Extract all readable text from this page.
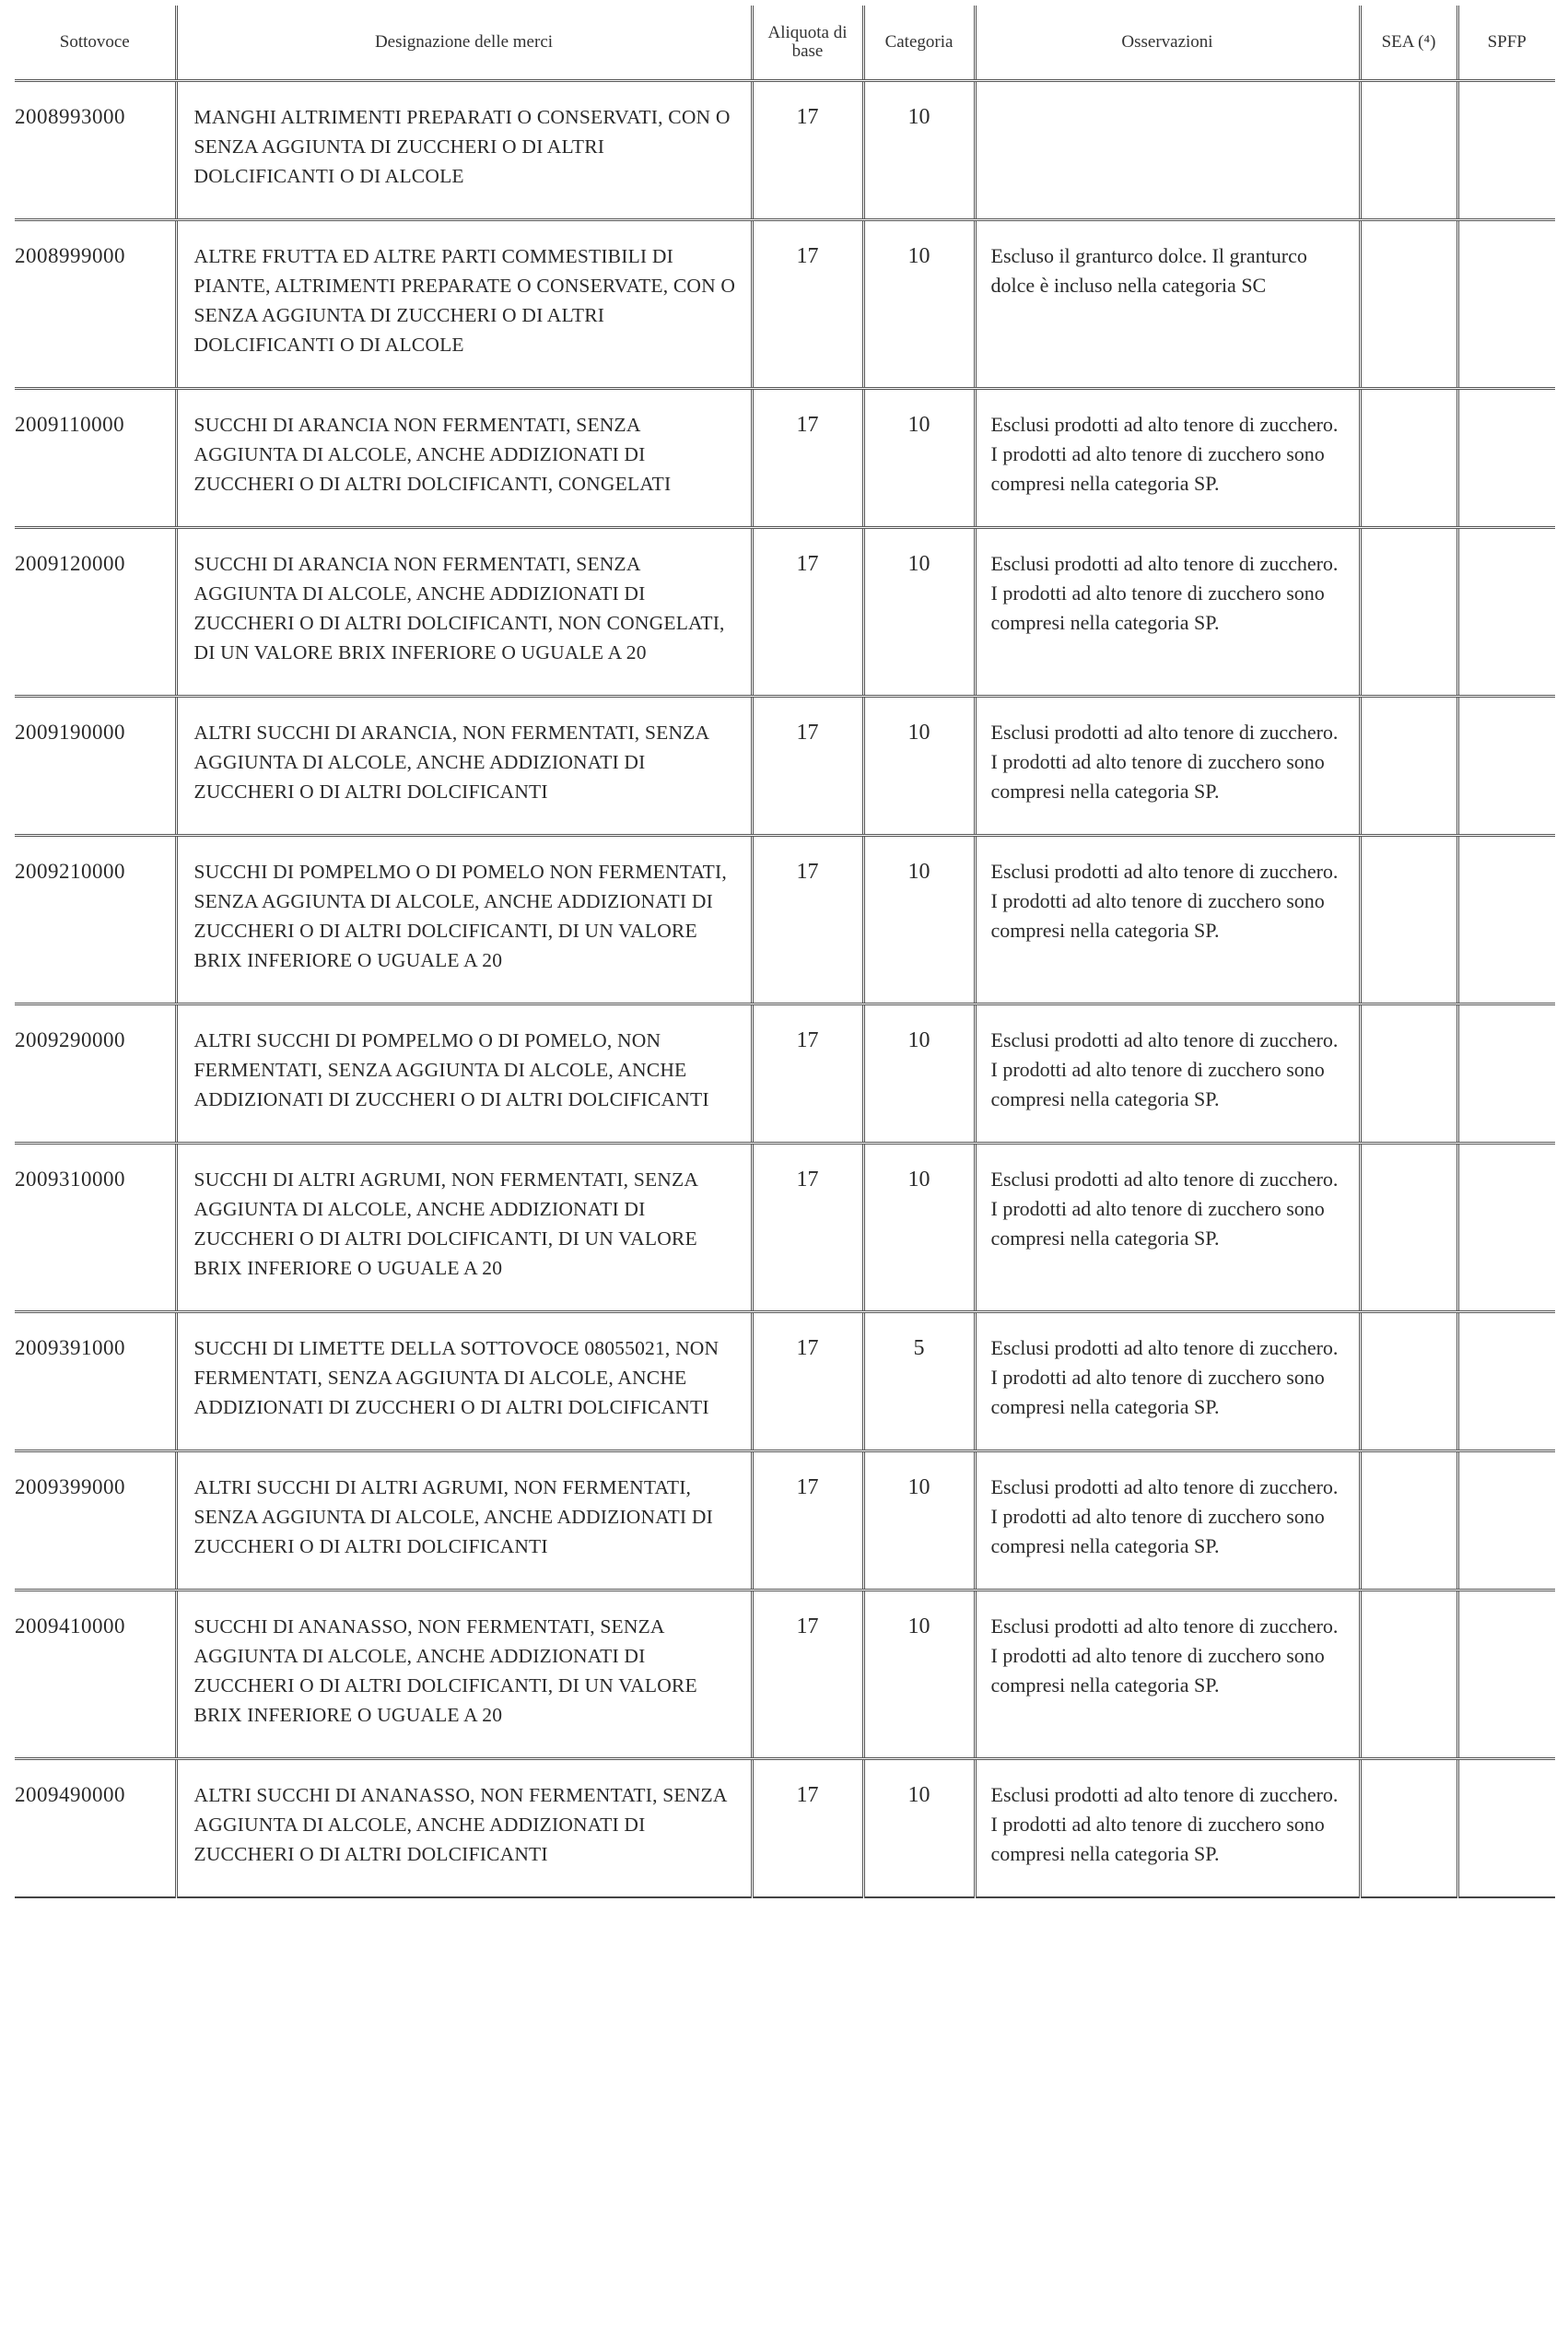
Sottovoce	Designazione delle merci	Aliquota di base	Categoria	Osservazioni	SEA (⁴)	SPFP
2008993000	MANGHI ALTRIMENTI PREPARATI O CONSERVATI, CON O SENZA AGGIUNTA DI ZUCCHERI O DI ALTRI DOLCIFICANTI O DI ALCOLE	17	10			
2008999000	ALTRE FRUTTA ED ALTRE PARTI COMMESTIBILI DI PIANTE, ALTRIMENTI PREPARATE O CONSERVATE, CON O SENZA AGGIUNTA DI ZUCCHERI O DI ALTRI DOLCIFICANTI O DI ALCOLE	17	10	Escluso il granturco dolce. Il granturco dolce è incluso nella categoria SC		
2009110000	SUCCHI DI ARANCIA NON FERMENTATI, SENZA AGGIUNTA DI ALCOLE, ANCHE ADDIZIONATI DI ZUCCHERI O DI ALTRI DOLCIFICANTI, CONGELATI	17	10	Esclusi prodotti ad alto tenore di zucchero. I prodotti ad alto tenore di zucchero sono compresi nella categoria SP.		
2009120000	SUCCHI DI ARANCIA NON FERMENTATI, SENZA AGGIUNTA DI ALCOLE, ANCHE ADDIZIONATI DI ZUCCHERI O DI ALTRI DOLCIFICANTI, NON CONGELATI, DI UN VALORE BRIX INFERIORE O UGUALE A 20	17	10	Esclusi prodotti ad alto tenore di zucchero. I prodotti ad alto tenore di zucchero sono compresi nella categoria SP.		
2009190000	ALTRI SUCCHI DI ARANCIA, NON FERMENTATI, SENZA AGGIUNTA DI ALCOLE, ANCHE ADDIZIONATI DI ZUCCHERI O DI ALTRI DOLCIFICANTI	17	10	Esclusi prodotti ad alto tenore di zucchero. I prodotti ad alto tenore di zucchero sono compresi nella categoria SP.		
2009210000	SUCCHI DI POMPELMO O DI POMELO NON FERMENTATI, SENZA AGGIUNTA DI ALCOLE, ANCHE ADDIZIONATI DI ZUCCHERI O DI ALTRI DOLCIFICANTI, DI UN VALORE BRIX INFERIORE O UGUALE A 20	17	10	Esclusi prodotti ad alto tenore di zucchero. I prodotti ad alto tenore di zucchero sono compresi nella categoria SP.		
2009290000	ALTRI SUCCHI DI POMPELMO O DI POMELO, NON FERMENTATI, SENZA AGGIUNTA DI ALCOLE, ANCHE ADDIZIONATI DI ZUCCHERI O DI ALTRI DOLCIFICANTI	17	10	Esclusi prodotti ad alto tenore di zucchero. I prodotti ad alto tenore di zucchero sono compresi nella categoria SP.		
2009310000	SUCCHI DI ALTRI AGRUMI, NON FERMENTATI, SENZA AGGIUNTA DI ALCOLE, ANCHE ADDIZIONATI DI ZUCCHERI O DI ALTRI DOLCIFICANTI, DI UN VALORE BRIX INFERIORE O UGUALE A 20	17	10	Esclusi prodotti ad alto tenore di zucchero. I prodotti ad alto tenore di zucchero sono compresi nella categoria SP.		
2009391000	SUCCHI DI LIMETTE DELLA SOTTOVOCE 08055021, NON FERMENTATI, SENZA AGGIUNTA DI ALCOLE, ANCHE ADDIZIONATI DI ZUCCHERI O DI ALTRI DOLCIFICANTI	17	5	Esclusi prodotti ad alto tenore di zucchero. I prodotti ad alto tenore di zucchero sono compresi nella categoria SP.		
2009399000	ALTRI SUCCHI DI ALTRI AGRUMI, NON FERMENTATI, SENZA AGGIUNTA DI ALCOLE, ANCHE ADDIZIONATI DI ZUCCHERI O DI ALTRI DOLCIFICANTI	17	10	Esclusi prodotti ad alto tenore di zucchero. I prodotti ad alto tenore di zucchero sono compresi nella categoria SP.		
2009410000	SUCCHI DI ANANASSO, NON FERMENTATI, SENZA AGGIUNTA DI ALCOLE, ANCHE ADDIZIONATI DI ZUCCHERI O DI ALTRI DOLCIFICANTI, DI UN VALORE BRIX INFERIORE O UGUALE A 20	17	10	Esclusi prodotti ad alto tenore di zucchero. I prodotti ad alto tenore di zucchero sono compresi nella categoria SP.		
2009490000	ALTRI SUCCHI DI ANANASSO, NON FERMENTATI, SENZA AGGIUNTA DI ALCOLE, ANCHE ADDIZIONATI DI ZUCCHERI O DI ALTRI DOLCIFICANTI	17	10	Esclusi prodotti ad alto tenore di zucchero. I prodotti ad alto tenore di zucchero sono compresi nella categoria SP.		
